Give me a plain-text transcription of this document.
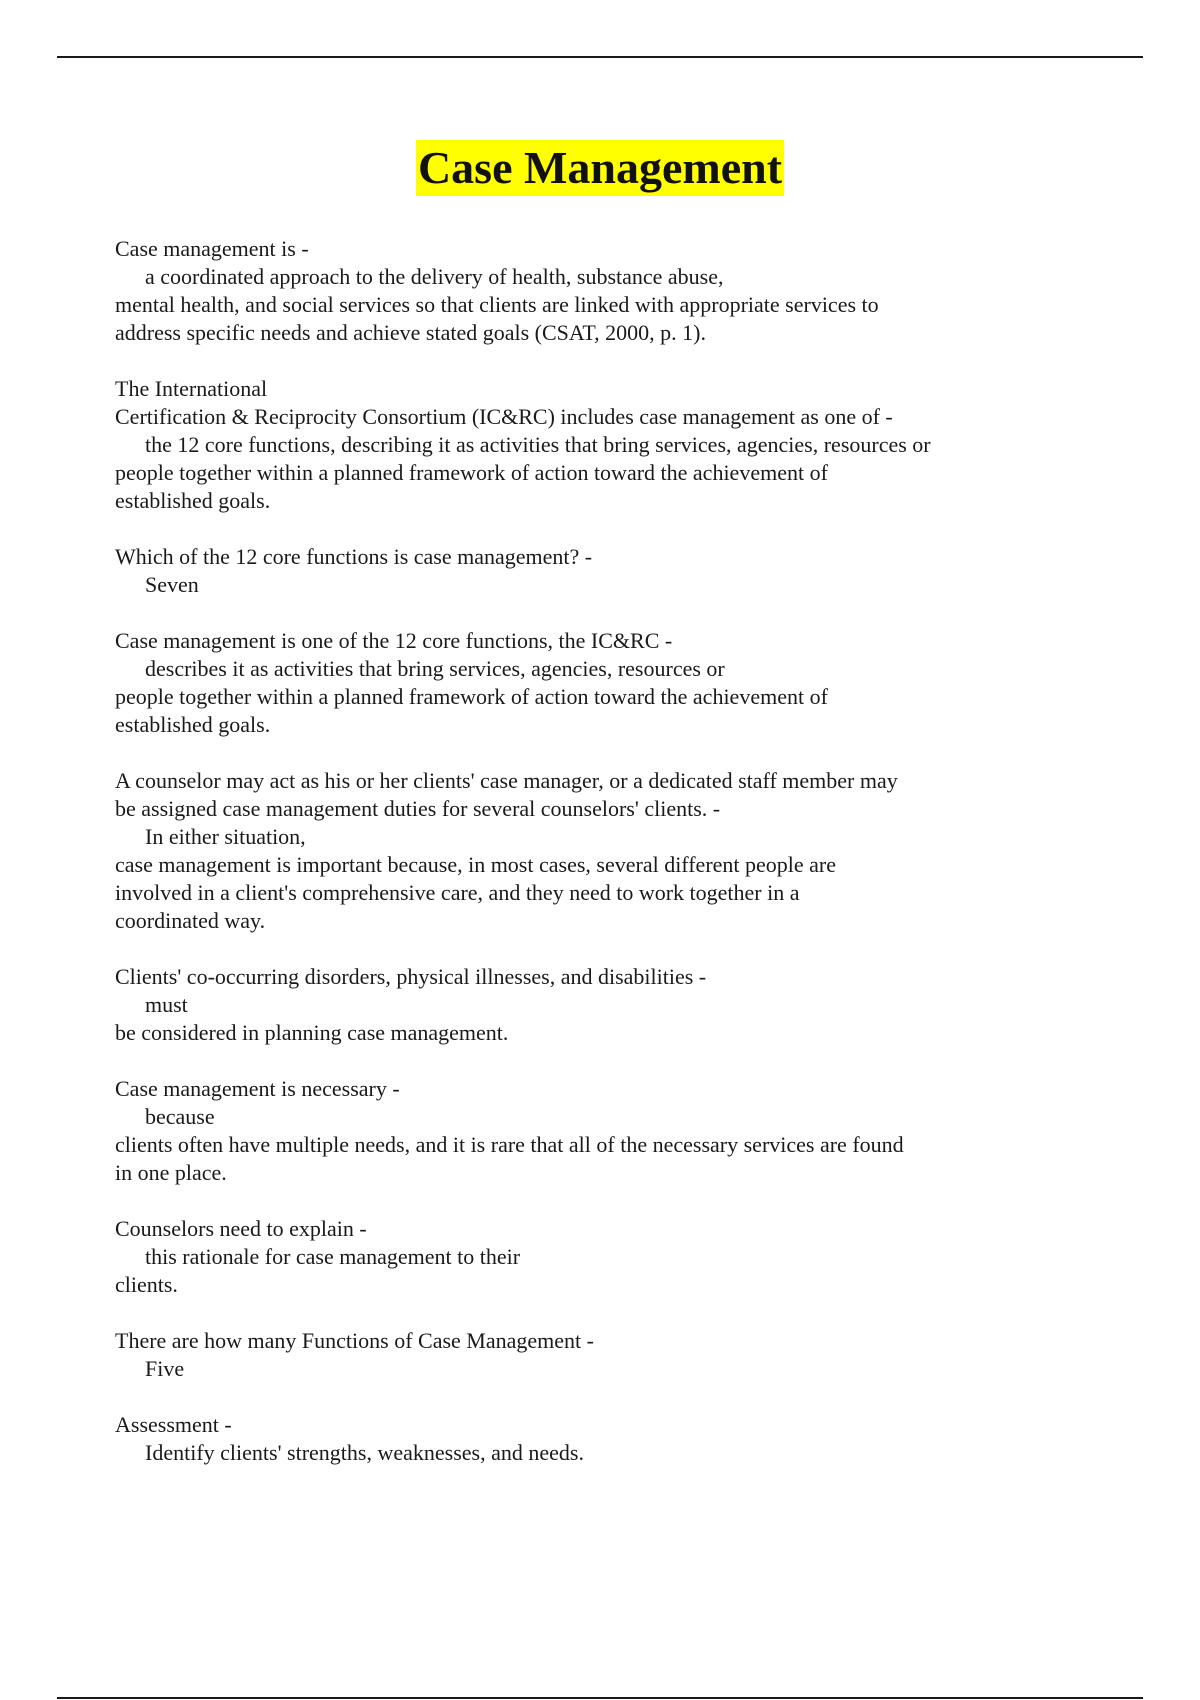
Case Management
Case management is -
a coordinated approach to the delivery of health, substance abuse,
mental health, and social services so that clients are linked with appropriate services to
address specific needs and achieve stated goals (CSAT, 2000, p. 1).
The International
Certification & Reciprocity Consortium (IC&RC) includes case management as one of -
the 12 core functions, describing it as activities that bring services, agencies, resources or
people together within a planned framework of action toward the achievement of
established goals.
Which of the 12 core functions is case management? -
Seven
Case management is one of the 12 core functions, the IC&RC -
describes it as activities that bring services, agencies, resources or
people together within a planned framework of action toward the achievement of
established goals.
A counselor may act as his or her clients' case manager, or a dedicated staff member may
be assigned case management duties for several counselors' clients. -
In either situation,
case management is important because, in most cases, several different people are
involved in a client's comprehensive care, and they need to work together in a
coordinated way.
Clients' co-occurring disorders, physical illnesses, and disabilities -
must
be considered in planning case management.
Case management is necessary -
because
clients often have multiple needs, and it is rare that all of the necessary services are found
in one place.
Counselors need to explain -
this rationale for case management to their
clients.
There are how many Functions of Case Management -
Five
Assessment -
Identify clients' strengths, weaknesses, and needs.
